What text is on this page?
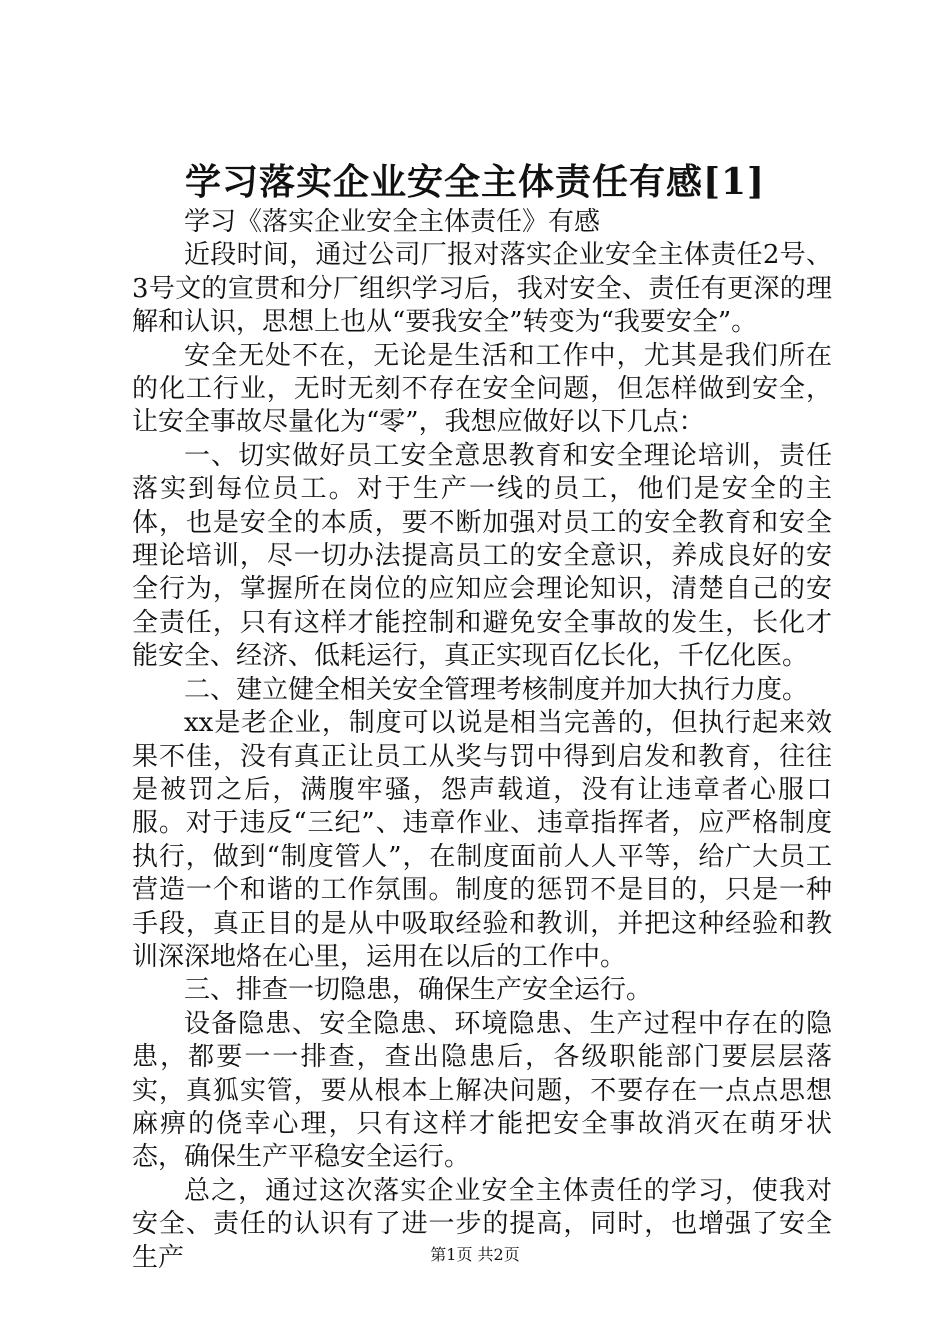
学习落实企业安全主体责任有感[1]

学习《落实企业安全主体责任》有感

近段时间，通过公司厂报对落实企业安全主体责任2号、3号文的宣贯和分厂组织学习后，我对安全、责任有更深的理解和认识，思想上也从“要我安全”转变为“我要安全”。

安全无处不在，无论是生活和工作中，尤其是我们所在的化工行业，无时无刻不存在安全问题，但怎样做到安全，让安全事故尽量化为“零”，我想应做好以下几点：

一、切实做好员工安全意思教育和安全理论培训，责任落实到每位员工。对于生产一线的员工，他们是安全的主体，也是安全的本质，要不断加强对员工的安全教育和安全理论培训，尽一切办法提高员工的安全意识，养成良好的安全行为，掌握所在岗位的应知应会理论知识，清楚自己的安全责任，只有这样才能控制和避免安全事故的发生，长化才能安全、经济、低耗运行，真正实现百亿长化，千亿化医。

二、建立健全相关安全管理考核制度并加大执行力度。

xx是老企业，制度可以说是相当完善的，但执行起来效果不佳，没有真正让员工从奖与罚中得到启发和教育，往往是被罚之后，满腹牢骚，怨声载道，没有让违章者心服口服。对于违反“三纪”、违章作业、违章指挥者，应严格制度执行，做到“制度管人”，在制度面前人人平等，给广大员工营造一个和谐的工作氛围。制度的惩罚不是目的，只是一种手段，真正目的是从中吸取经验和教训，并把这种经验和教训深深地烙在心里，运用在以后的工作中。

三、排查一切隐患，确保生产安全运行。

设备隐患、安全隐患、环境隐患、生产过程中存在的隐患，都要一一排查，查出隐患后，各级职能部门要层层落实，真狐实管，要从根本上解决问题，不要存在一点点思想麻痹的侥幸心理，只有这样才能把安全事故消灭在萌牙状态，确保生产平稳安全运行。

总之，通过这次落实企业安全主体责任的学习，使我对安全、责任的认识有了进一步的提高，同时，也增强了安全生产	第1页 共2页
